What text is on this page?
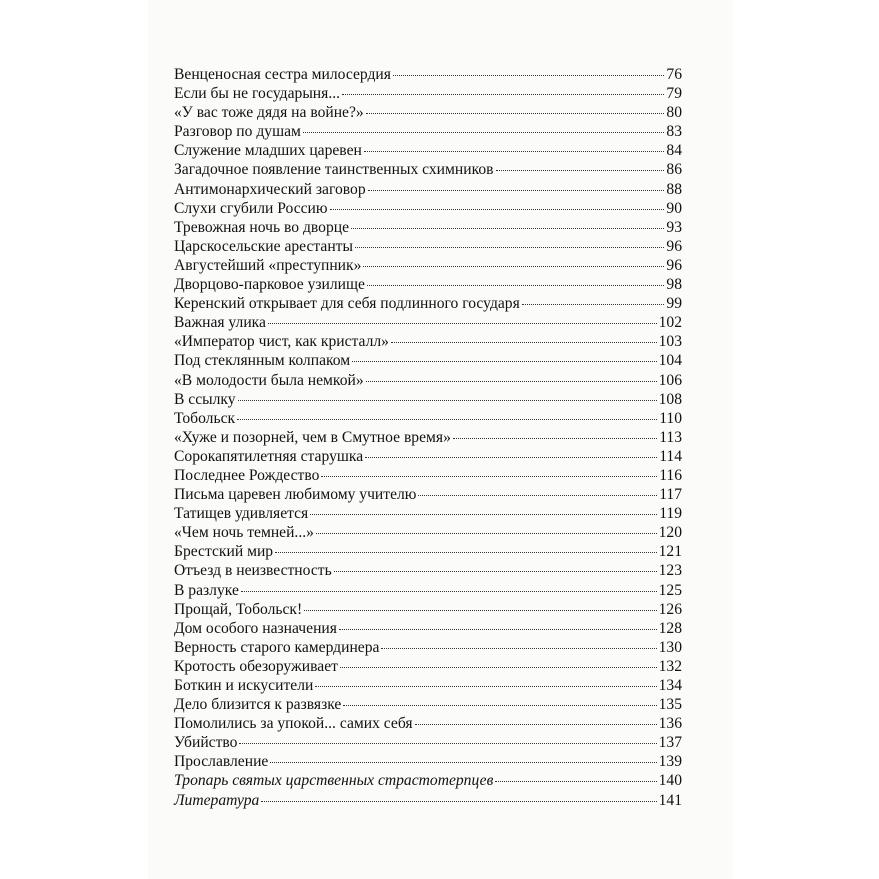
Венценосная сестра милосердия	76
Если бы не государыня...	79
«У вас тоже дядя на войне?»	80
Разговор по душам	83
Служение младших царевен	84
Загадочное появление таинственных схимников	86
Антимонархический заговор	88
Слухи сгубили Россию	90
Тревожная ночь во дворце	93
Царскосельские арестанты	96
Августейший «преступник»	96
Дворцово-парковое узилище	98
Керенский открывает для себя подлинного государя	99
Важная улика	102
«Император чист, как кристалл»	103
Под стеклянным колпаком	104
«В молодости была немкой»	106
В ссылку	108
Тобольск	110
«Хуже и позорней, чем в Смутное время»	113
Сорокапятилетняя старушка	114
Последнее Рождество	116
Письма царевен любимому учителю	117
Татищев удивляется	119
«Чем ночь темней...»	120
Брестский мир	121
Отъезд в неизвестность	123
В разлуке	125
Прощай, Тобольск!	126
Дом особого назначения	128
Верность старого камердинера	130
Кротость обезоруживает	132
Боткин и искусители	134
Дело близится к развязке	135
Помолились за упокой... самих себя	136
Убийство	137
Прославление	139
Тропарь святых царственных страстотерпцев	140
Литература	141
